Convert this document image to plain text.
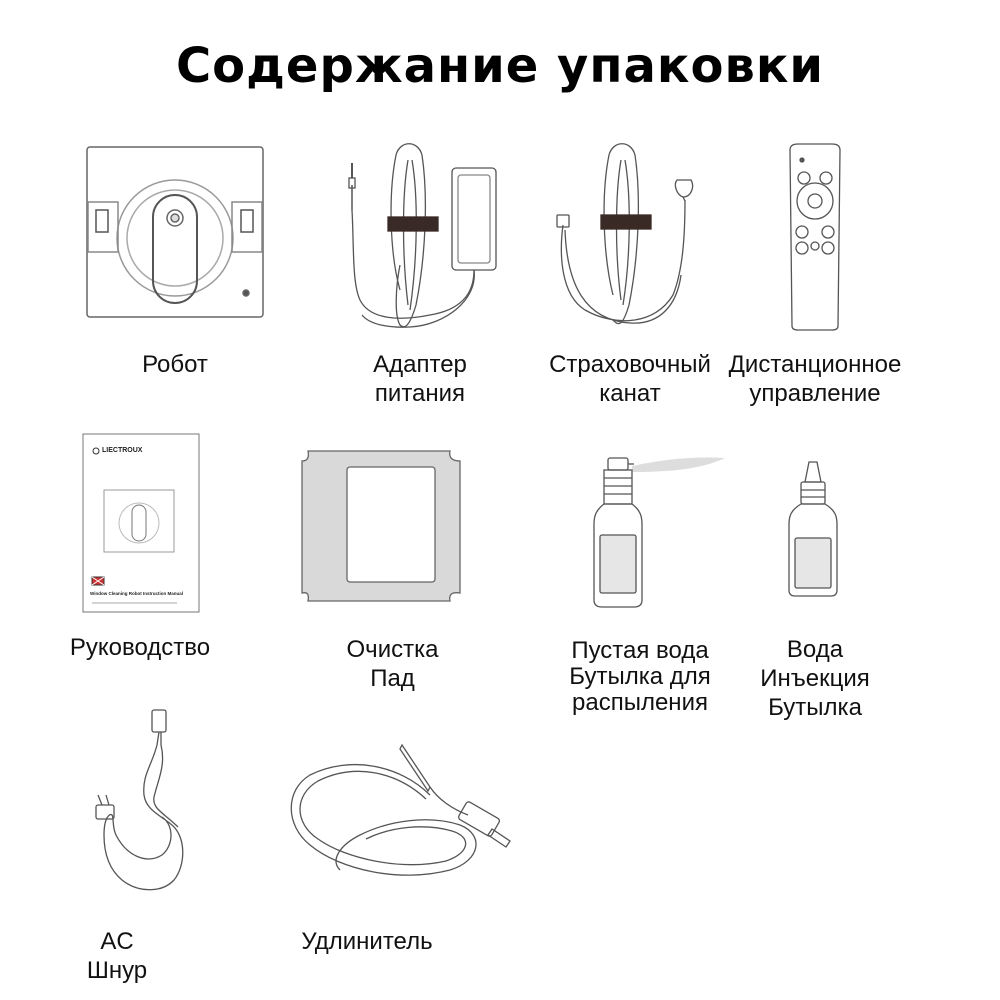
Содержание упаковки
Робот	Адаптер
питания
Страховочный
канат
Дистанционное
управление
LIECTROUX
Window Cleaning Robot Instruction Manual
Руководство	Очистка
Пад
Пустая вода
Бутылка для
распыления
Вода
Инъекция
Бутылка
AC
Шнур
Удлинитель
